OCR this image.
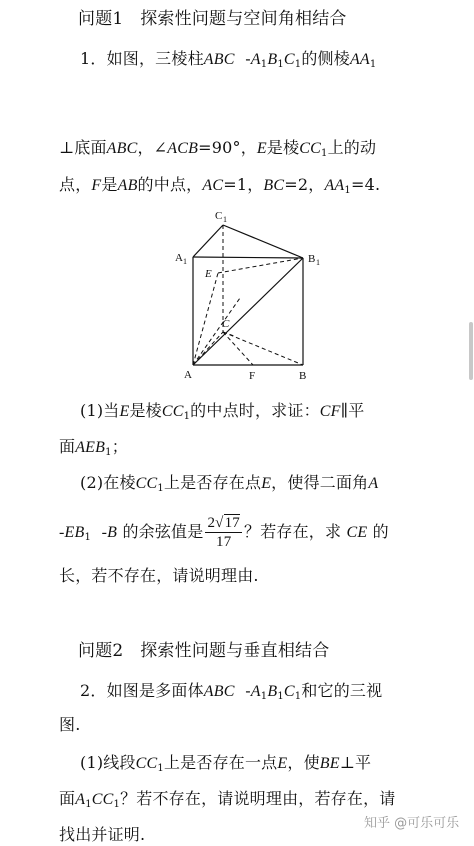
问题1 探索性问题与空间角相结合
1．如图，三棱柱ABC $-A_1B_1C_1$的侧棱$AA_1$
⊥底面ABC，∠ACB=90°，E是棱$CC_1$上的动
点，F是AB的中点，AC=1，BC=2，$AA_1=4$.
C 1
A 1	B 1
E
C
A	F	B
(1)当E是棱$CC_1$的中点时，求证：CF∥平
面$AEB_1$；
(2)在棱$CC_1$上是否存在点E，使得二面角A
$-EB_1$ -B 的余弦值是 $\frac{2√17}{17}$ ？若存在，求 CE 的
长，若不存在，请说明理由.
问题2 探索性问题与垂直相结合
2．如图是多面体ABC $-A_1B_1C_1$和它的三视
图.
(1)线段$CC_1$上是否存在一点E，使BE⊥平
面$A_1CC_1$？若不存在，请说明理由，若存在，请
找出并证明.
知乎 @可乐可乐
